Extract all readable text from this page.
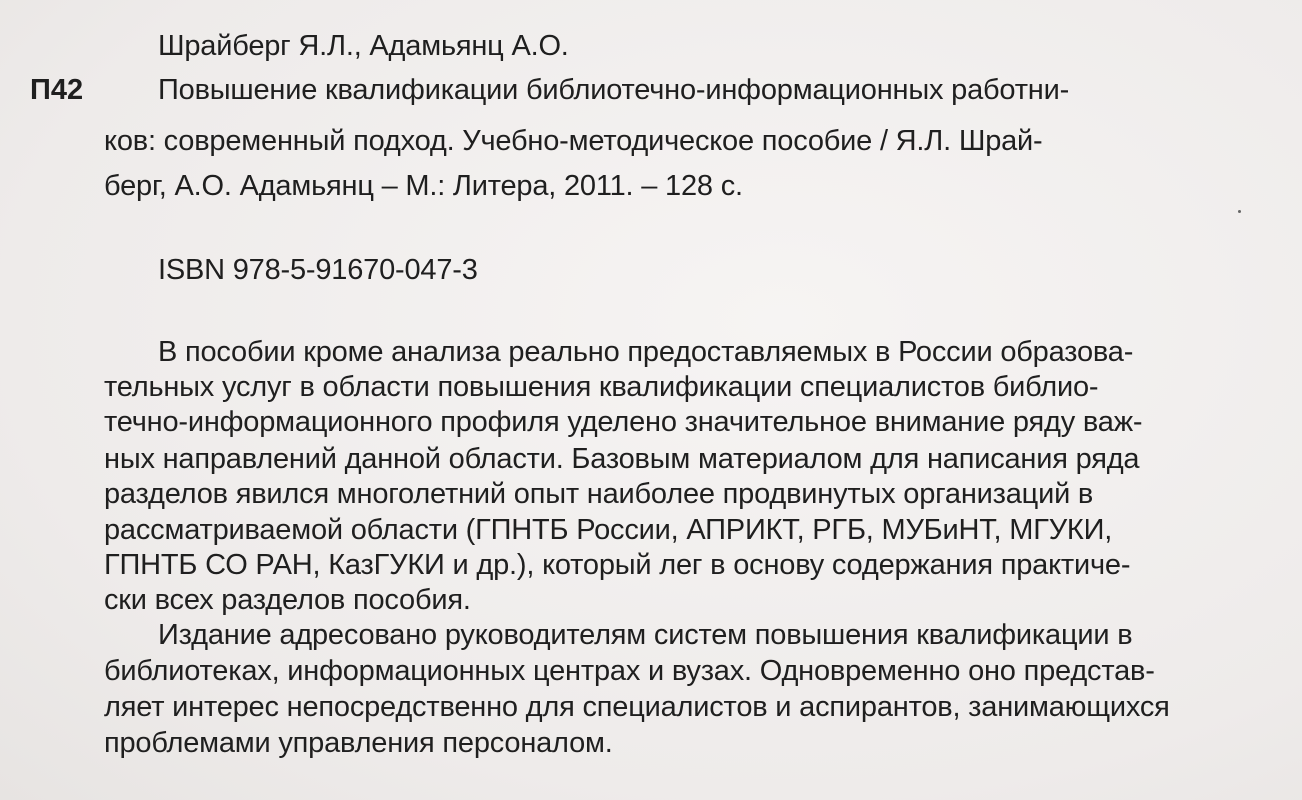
Шрайберг Я.Л., Адамьянц А.О.
П42	Повышение квалификации библиотечно-информационных работни-
ков: современный подход. Учебно-методическое пособие / Я.Л. Шрай-
берг, А.О. Адамьянц – М.: Литера, 2011. – 128 с.
ISBN 978-5-91670-047-3
В пособии кроме анализа реально предоставляемых в России образова-
тельных услуг в области повышения квалификации специалистов библио-
течно-информационного профиля уделено значительное внимание ряду важ-
ных направлений данной области. Базовым материалом для написания ряда
разделов явился многолетний опыт наиболее продвинутых организаций в
рассматриваемой области (ГПНТБ России, АПРИКТ, РГБ, МУБиНТ, МГУКИ,
ГПНТБ СО РАН, КазГУКИ и др.), который лег в основу содержания практиче-
ски всех разделов пособия.
Издание адресовано руководителям систем повышения квалификации в
библиотеках, информационных центрах и вузах. Одновременно оно представ-
ляет интерес непосредственно для специалистов и аспирантов, занимающихся
проблемами управления персоналом.
